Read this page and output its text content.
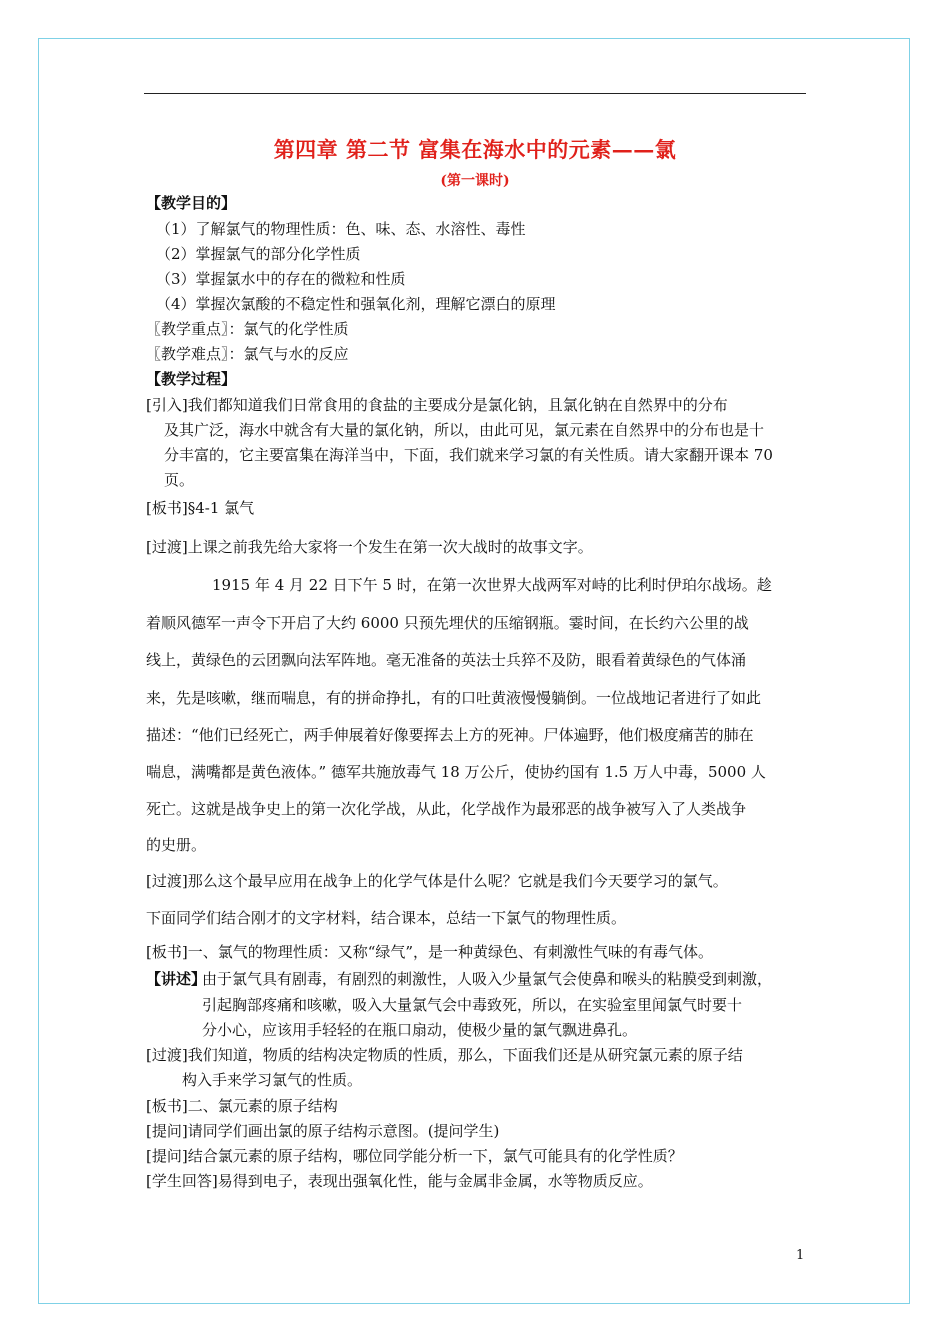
第四章 第二节 富集在海水中的元素——氯
(第一课时)
【教学目的】
（1）了解氯气的物理性质：色、味、态、水溶性、毒性
（2）掌握氯气的部分化学性质
（3）掌握氯水中的存在的微粒和性质
（4）掌握次氯酸的不稳定性和强氧化剂，理解它漂白的原理
〖教学重点〗：氯气的化学性质
〖教学难点〗：氯气与水的反应
【教学过程】
[引入]我们都知道我们日常食用的食盐的主要成分是氯化钠，且氯化钠在自然界中的分布
及其广泛，海水中就含有大量的氯化钠，所以，由此可见，氯元素在自然界中的分布也是十
分丰富的，它主要富集在海洋当中，下面，我们就来学习氯的有关性质。请大家翻开课本 70
页。
[板书]§4-1 氯气
[过渡]上课之前我先给大家将一个发生在第一次大战时的故事文字。
1915 年 4 月 22 日下午 5 时，在第一次世界大战两军对峙的比利时伊珀尔战场。趁
着顺风德军一声令下开启了大约 6000 只预先埋伏的压缩钢瓶。霎时间，在长约六公里的战
线上，黄绿色的云团飘向法军阵地。毫无准备的英法士兵猝不及防，眼看着黄绿色的气体涌
来，先是咳嗽，继而喘息，有的拼命挣扎，有的口吐黄液慢慢躺倒。一位战地记者进行了如此
描述：“他们已经死亡，两手伸展着好像要挥去上方的死神。尸体遍野，他们极度痛苦的肺在
喘息，满嘴都是黄色液体。” 德军共施放毒气 18 万公斤，使协约国有 1.5 万人中毒，5000 人
死亡。这就是战争史上的第一次化学战，从此，化学战作为最邪恶的战争被写入了人类战争
的史册。
[过渡]那么这个最早应用在战争上的化学气体是什么呢？它就是我们今天要学习的氯气。
下面同学们结合刚才的文字材料，结合课本，总结一下氯气的物理性质。
[板书]一、氯气的物理性质：又称“绿气”，是一种黄绿色、有刺激性气味的有毒气体。
【讲述】
由于氯气具有剧毒，有剧烈的刺激性，人吸入少量氯气会使鼻和喉头的粘膜受到刺激，
引起胸部疼痛和咳嗽，吸入大量氯气会中毒致死，所以，在实验室里闻氯气时要十
分小心，应该用手轻轻的在瓶口扇动，使极少量的氯气飘进鼻孔。
[过渡]我们知道，物质的结构决定物质的性质，那么，下面我们还是从研究氯元素的原子结
构入手来学习氯气的性质。
[板书]二、氯元素的原子结构
[提问]请同学们画出氯的原子结构示意图。(提问学生)
[提问]结合氯元素的原子结构，哪位同学能分析一下，氯气可能具有的化学性质？
[学生回答]易得到电子，表现出强氧化性，能与金属非金属，水等物质反应。
1
